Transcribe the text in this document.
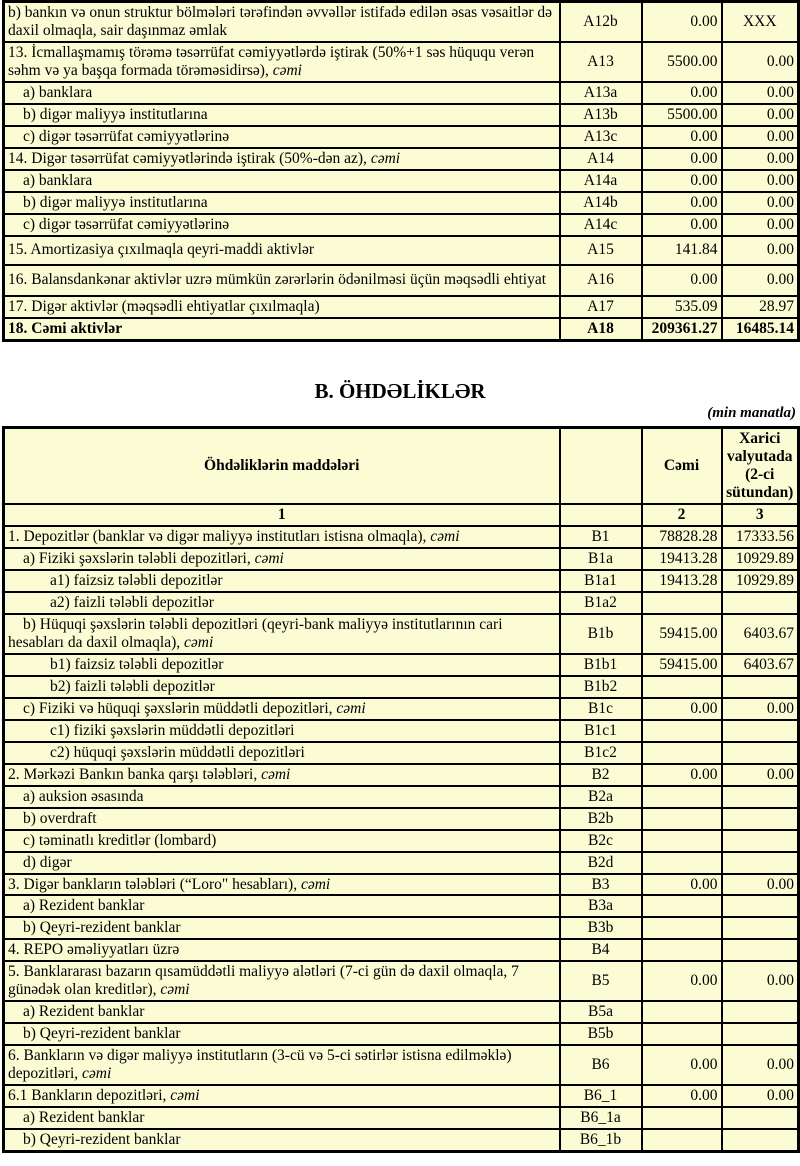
b) bankın və onun struktur bölmələri tərəfindən əvvəllər istifadə edilən əsas vəsaitlər də daxil olmaqla, sair daşınmaz əmlak	A12b	0.00	XXX
13. İcmallaşmamış törəmə təsərrüfat cəmiyyətlərdə iştirak (50%+1 səs hüququ verən səhm və ya başqa formada törəməsidirsə), cəmi	A13	5500.00	0.00
a) banklara	A13a	0.00	0.00
b) digər maliyyə institutlarına	A13b	5500.00	0.00
c) digər təsərrüfat cəmiyyətlərinə	A13c	0.00	0.00
14. Digər təsərrüfat cəmiyyətlərində iştirak (50%-dən az), cəmi	A14	0.00	0.00
a) banklara	A14a	0.00	0.00
b) digər maliyyə institutlarına	A14b	0.00	0.00
c) digər təsərrüfat cəmiyyətlərinə	A14c	0.00	0.00
15. Amortizasiya çıxılmaqla qeyri-maddi aktivlər	A15	141.84	0.00
16. Balansdankənar aktivlər uzrə mümkün zərərlərin ödənilməsi üçün məqsədli ehtiyat	A16	0.00	0.00
17. Digər aktivlər (məqsədli ehtiyatlar çıxılmaqla)	A17	535.09	28.97
18. Cəmi aktivlər	A18	209361.27	16485.14
B. ÖHDƏLİKLƏR
(min manatla)
Öhdəliklərin maddələri		Cəmi	Xarici valyutada (2-ci sütundan)
1		2	3
1. Depozitlər (banklar və digər maliyyə institutları istisna olmaqla), cəmi	B1	78828.28	17333.56
a) Fiziki şəxslərin tələbli depozitləri, cəmi	B1a	19413.28	10929.89
a1) faizsiz tələbli depozitlər	B1a1	19413.28	10929.89
a2) faizli tələbli depozitlər	B1a2		
b) Hüquqi şəxslərin tələbli depozitləri (qeyri-bank maliyyə institutlarının cari hesabları da daxil olmaqla), cəmi	B1b	59415.00	6403.67
b1) faizsiz tələbli depozitlər	B1b1	59415.00	6403.67
b2) faizli tələbli depozitlər	B1b2		
c) Fiziki və hüquqi şəxslərin müddətli depozitləri, cəmi	B1c	0.00	0.00
c1) fiziki şəxslərin müddətli depozitləri	B1c1		
c2) hüquqi şəxslərin müddətli depozitləri	B1c2		
2. Mərkəzi Bankın banka qarşı tələbləri, cəmi	B2	0.00	0.00
a) auksion əsasında	B2a		
b) overdraft	B2b		
c) təminatlı kreditlər (lombard)	B2c		
d) digər	B2d		
3. Digər bankların tələbləri (“Loro" hesabları), cəmi	B3	0.00	0.00
a) Rezident banklar	B3a		
b) Qeyri-rezident banklar	B3b		
4. REPO əməliyyatları üzrə	B4		
5. Banklararası bazarın qısamüddətli maliyyə alətləri (7-ci gün də daxil olmaqla, 7 günədək olan kreditlər), cəmi	B5	0.00	0.00
a) Rezident banklar	B5a		
b) Qeyri-rezident banklar	B5b		
6. Bankların və digər maliyyə institutların (3-cü və 5-ci sətirlər istisna edilməklə) depozitləri, cəmi	B6	0.00	0.00
6.1 Bankların depozitləri, cəmi	B6_1	0.00	0.00
a) Rezident banklar	B6_1a		
b) Qeyri-rezident banklar	B6_1b		
